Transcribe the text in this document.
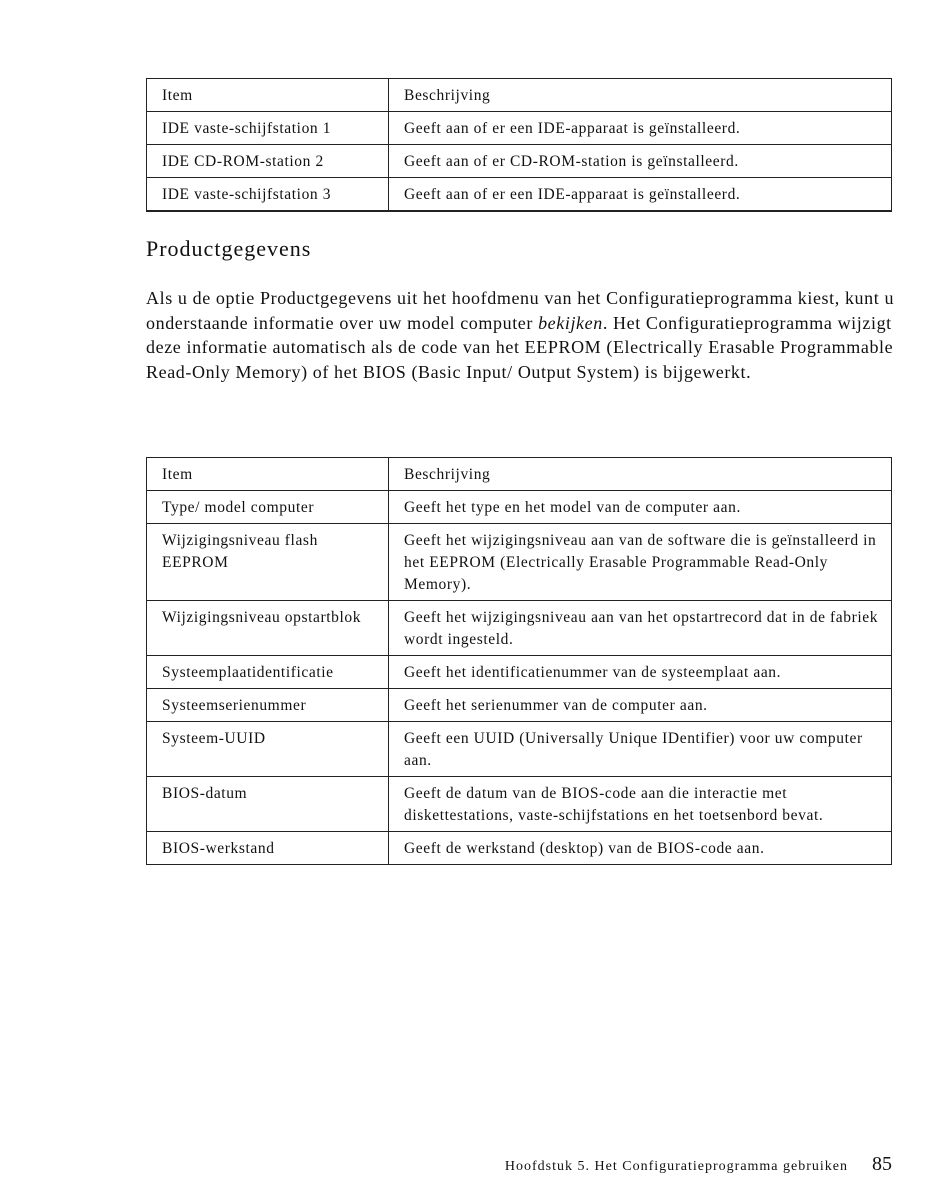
Item	Beschrijving
IDE vaste-schijfstation 1	Geeft aan of er een IDE-apparaat is geïnstalleerd.
IDE CD-ROM-station 2	Geeft aan of er CD-ROM-station is geïnstalleerd.
IDE vaste-schijfstation 3	Geeft aan of er een IDE-apparaat is geïnstalleerd.
Productgegevens

Als u de optie Productgegevens uit het hoofdmenu van het Configuratieprogramma kiest, kunt u onderstaande informatie over uw model computer bekijken. Het Configuratieprogramma wijzigt deze informatie automatisch als de code van het EEPROM (Electrically Erasable Programmable Read-Only Memory) of het BIOS (Basic Input/ Output System) is bijgewerkt.

Item	Beschrijving
Type/ model computer	Geeft het type en het model van de computer aan.
Wijzigingsniveau flash EEPROM	Geeft het wijzigingsniveau aan van de software die is geïnstalleerd in het EEPROM (Electrically Erasable Programmable Read-Only Memory).
Wijzigingsniveau opstartblok	Geeft het wijzigingsniveau aan van het opstartrecord dat in de fabriek wordt ingesteld.
Systeemplaatidentificatie	Geeft het identificatienummer van de systeemplaat aan.
Systeemserienummer	Geeft het serienummer van de computer aan.
Systeem-UUID	Geeft een UUID (Universally Unique IDentifier) voor uw computer aan.
BIOS-datum	Geeft de datum van de BIOS-code aan die interactie met diskettestations, vaste-schijfstations en het toetsenbord bevat.
BIOS-werkstand	Geeft de werkstand (desktop) van de BIOS-code aan.
Hoofdstuk 5. Het Configuratieprogramma gebruiken 85
